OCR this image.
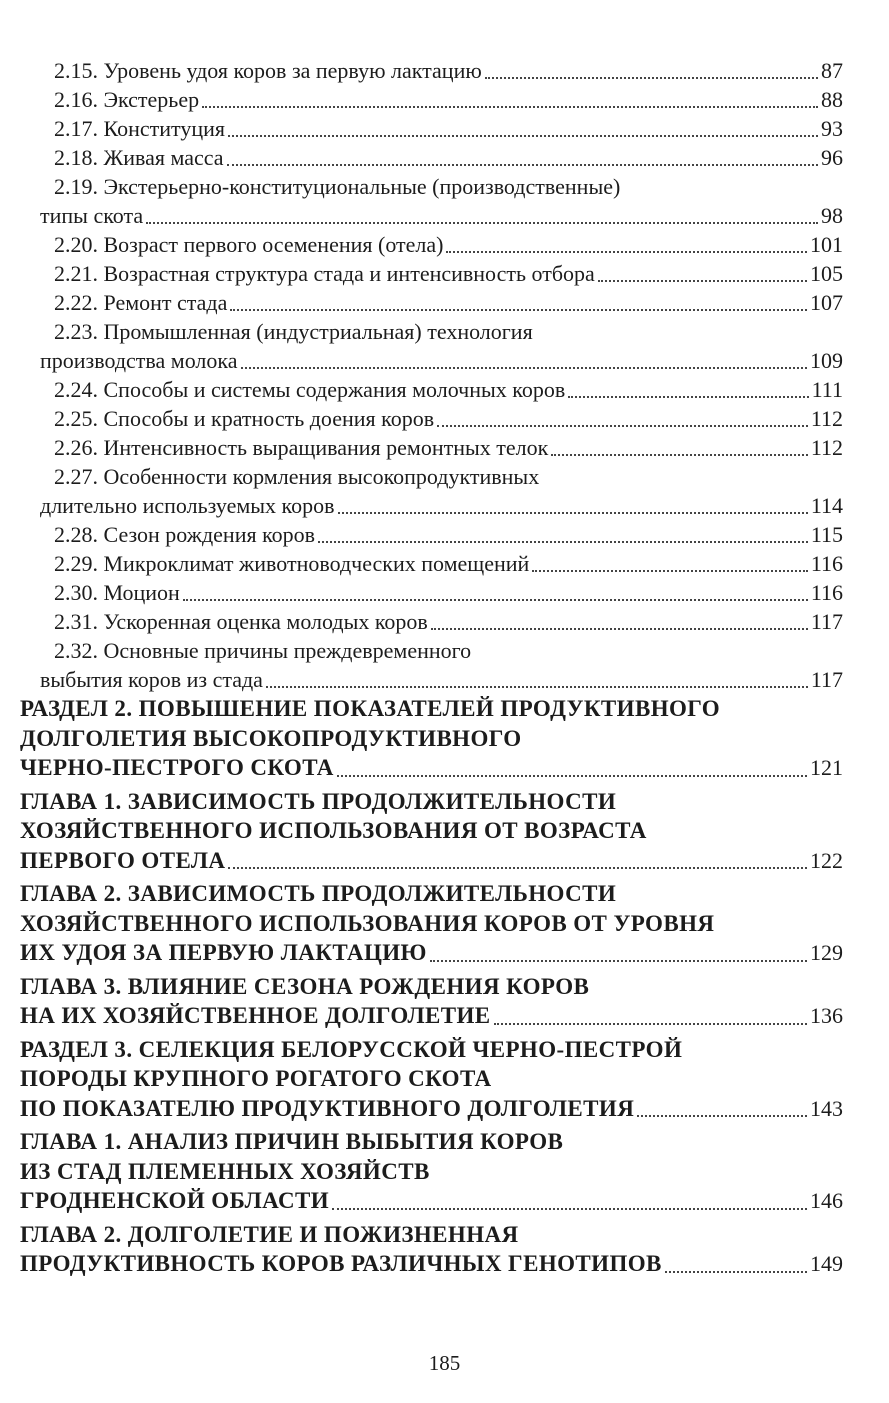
2.15. Уровень удоя коров за первую лактацию	87
2.16. Экстерьер	88
2.17. Конституция	93
2.18. Живая масса	96
2.19. Экстерьерно-конституциональные (производственные)
типы скота	98
2.20. Возраст первого осеменения (отела)	101
2.21. Возрастная структура стада и интенсивность отбора	105
2.22. Ремонт стада	107
2.23. Промышленная (индустриальная) технология
производства молока	109
2.24. Способы и системы содержания молочных коров	111
2.25. Способы и кратность доения коров	112
2.26. Интенсивность выращивания ремонтных телок	112
2.27. Особенности кормления высокопродуктивных
длительно используемых коров	114
2.28. Сезон рождения коров	115
2.29. Микроклимат животноводческих помещений	116
2.30. Моцион	116
2.31. Ускоренная оценка молодых коров	117
2.32. Основные причины преждевременного
выбытия коров из стада	117
РАЗДЕЛ 2. ПОВЫШЕНИЕ ПОКАЗАТЕЛЕЙ ПРОДУКТИВНОГО
ДОЛГОЛЕТИЯ ВЫСОКОПРОДУКТИВНОГО
ЧЕРНО-ПЕСТРОГО СКОТА	121
ГЛАВА 1. ЗАВИСИМОСТЬ ПРОДОЛЖИТЕЛЬНОСТИ
ХОЗЯЙСТВЕННОГО ИСПОЛЬЗОВАНИЯ ОТ ВОЗРАСТА
ПЕРВОГО ОТЕЛА	122
ГЛАВА 2. ЗАВИСИМОСТЬ ПРОДОЛЖИТЕЛЬНОСТИ
ХОЗЯЙСТВЕННОГО ИСПОЛЬЗОВАНИЯ КОРОВ ОТ УРОВНЯ
ИХ УДОЯ ЗА ПЕРВУЮ ЛАКТАЦИЮ	129
ГЛАВА 3. ВЛИЯНИЕ СЕЗОНА РОЖДЕНИЯ КОРОВ
НА ИХ ХОЗЯЙСТВЕННОЕ ДОЛГОЛЕТИЕ	136
РАЗДЕЛ 3. СЕЛЕКЦИЯ БЕЛОРУССКОЙ ЧЕРНО-ПЕСТРОЙ
ПОРОДЫ КРУПНОГО РОГАТОГО СКОТА
ПО ПОКАЗАТЕЛЮ ПРОДУКТИВНОГО ДОЛГОЛЕТИЯ	143
ГЛАВА 1. АНАЛИЗ ПРИЧИН ВЫБЫТИЯ КОРОВ
ИЗ СТАД ПЛЕМЕННЫХ ХОЗЯЙСТВ
ГРОДНЕНСКОЙ ОБЛАСТИ	146
ГЛАВА 2. ДОЛГОЛЕТИЕ И ПОЖИЗНЕННАЯ
ПРОДУКТИВНОСТЬ КОРОВ РАЗЛИЧНЫХ ГЕНОТИПОВ	149
185
